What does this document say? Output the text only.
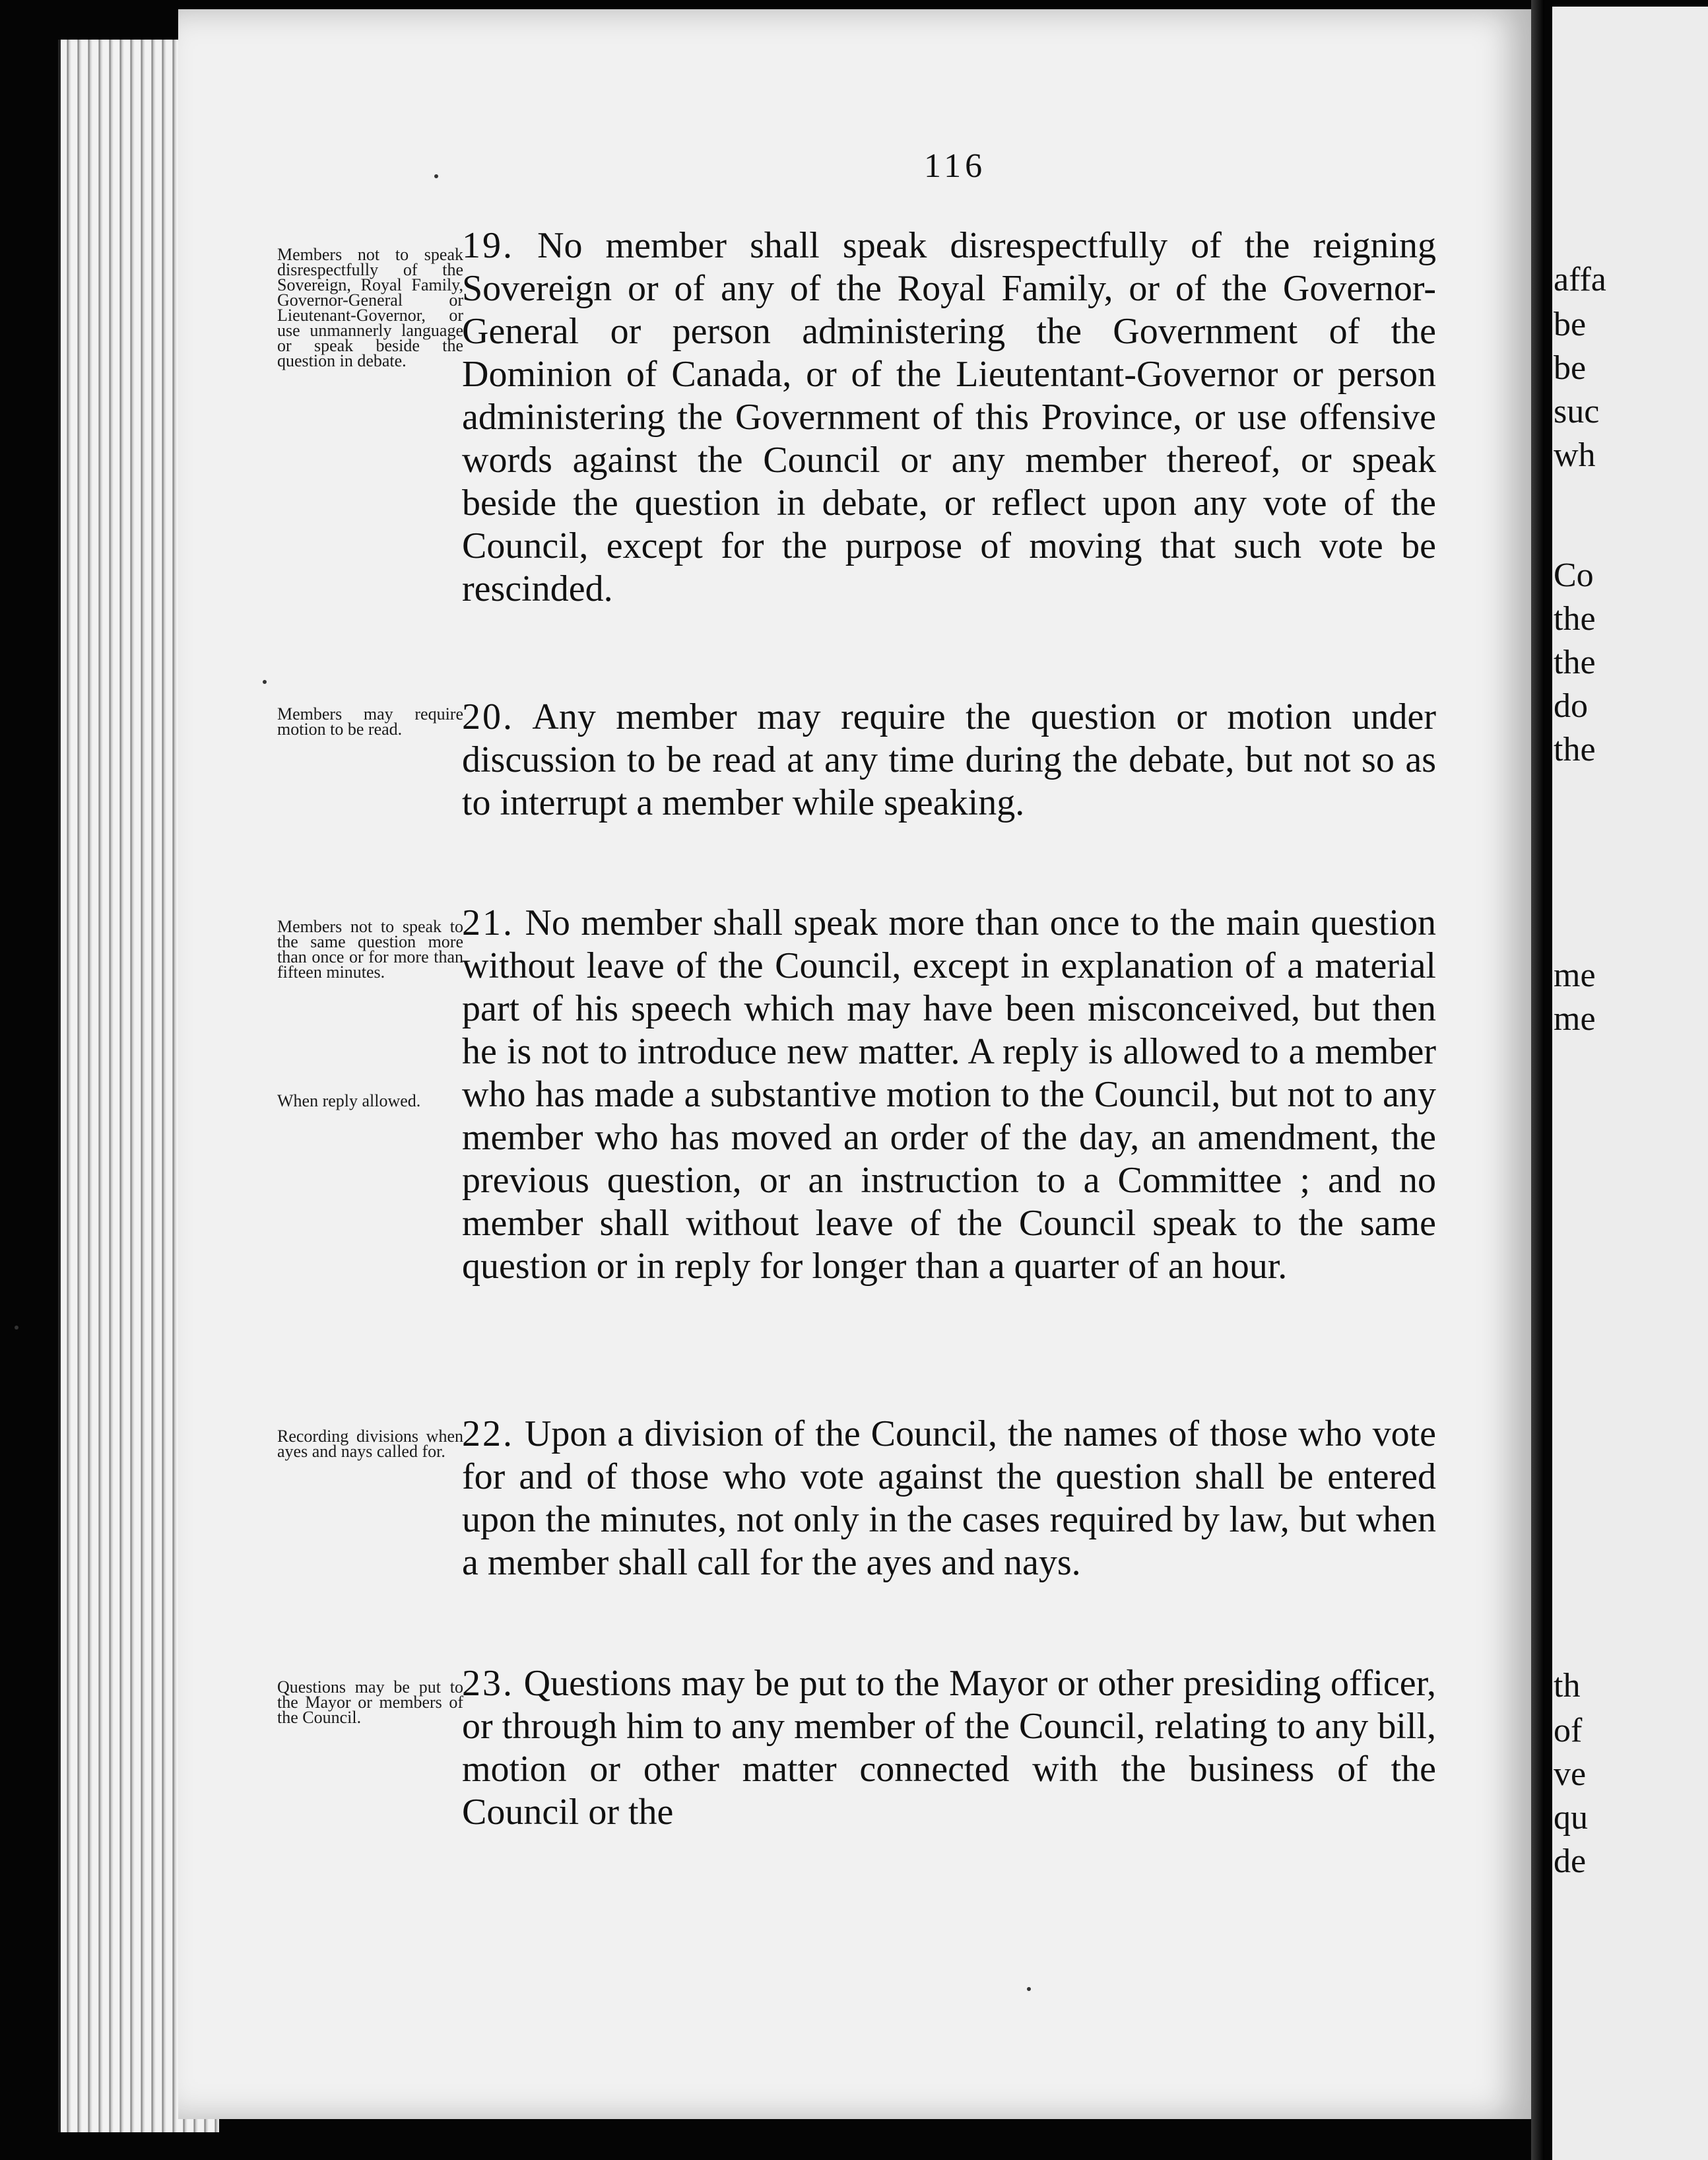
affa
be
be
suc
wh
Co
the
the
do
the
me
me
th
of
ve
qu
de
116
Members not to speak disrespectfully of the Sovereign, Royal Family, Governor-General or Lieutenant-Governor, or use unmannerly language or speak beside the question in debate.
19. No member shall speak disrespectfully of the reigning Sovereign or of any of the Royal Family, or of the Governor-General or person administering the Government of the Dominion of Canada, or of the Lieutentant-Governor or person administering the Government of this Province, or use offensive words against the Council or any member thereof, or speak beside the question in debate, or reflect upon any vote of the Council, except for the purpose of moving that such vote be rescinded.
Members may require motion to be read.	20. Any member may require the question or motion under discussion to be read at any time during the debate, but not so as to interrupt a member while speaking.
Members not to speak to the same question more than once or for more than fifteen minutes.
When reply allowed.
21. No member shall speak more than once to the main question without leave of the Council, except in explanation of a material part of his speech which may have been misconceived, but then he is not to introduce new matter. A reply is allowed to a member who has made a substantive motion to the Council, but not to any member who has moved an order of the day, an amendment, the previous question, or an instruction to a Committee ; and no member shall without leave of the Council speak to the same question or in reply for longer than a quarter of an hour.
Recording divisions when ayes and nays called for. 22. Upon a division of the Council, the names of those who vote for and of those who vote against the question shall be entered upon the minutes, not only in the cases required by law, but when a member shall call for the ayes and nays.
Questions may be put to the Mayor or members of the Council.
23. Questions may be put to the Mayor or other presiding officer, or through him to any member of the Council, relating to any bill, motion or other matter connected with the business of the Council or the
